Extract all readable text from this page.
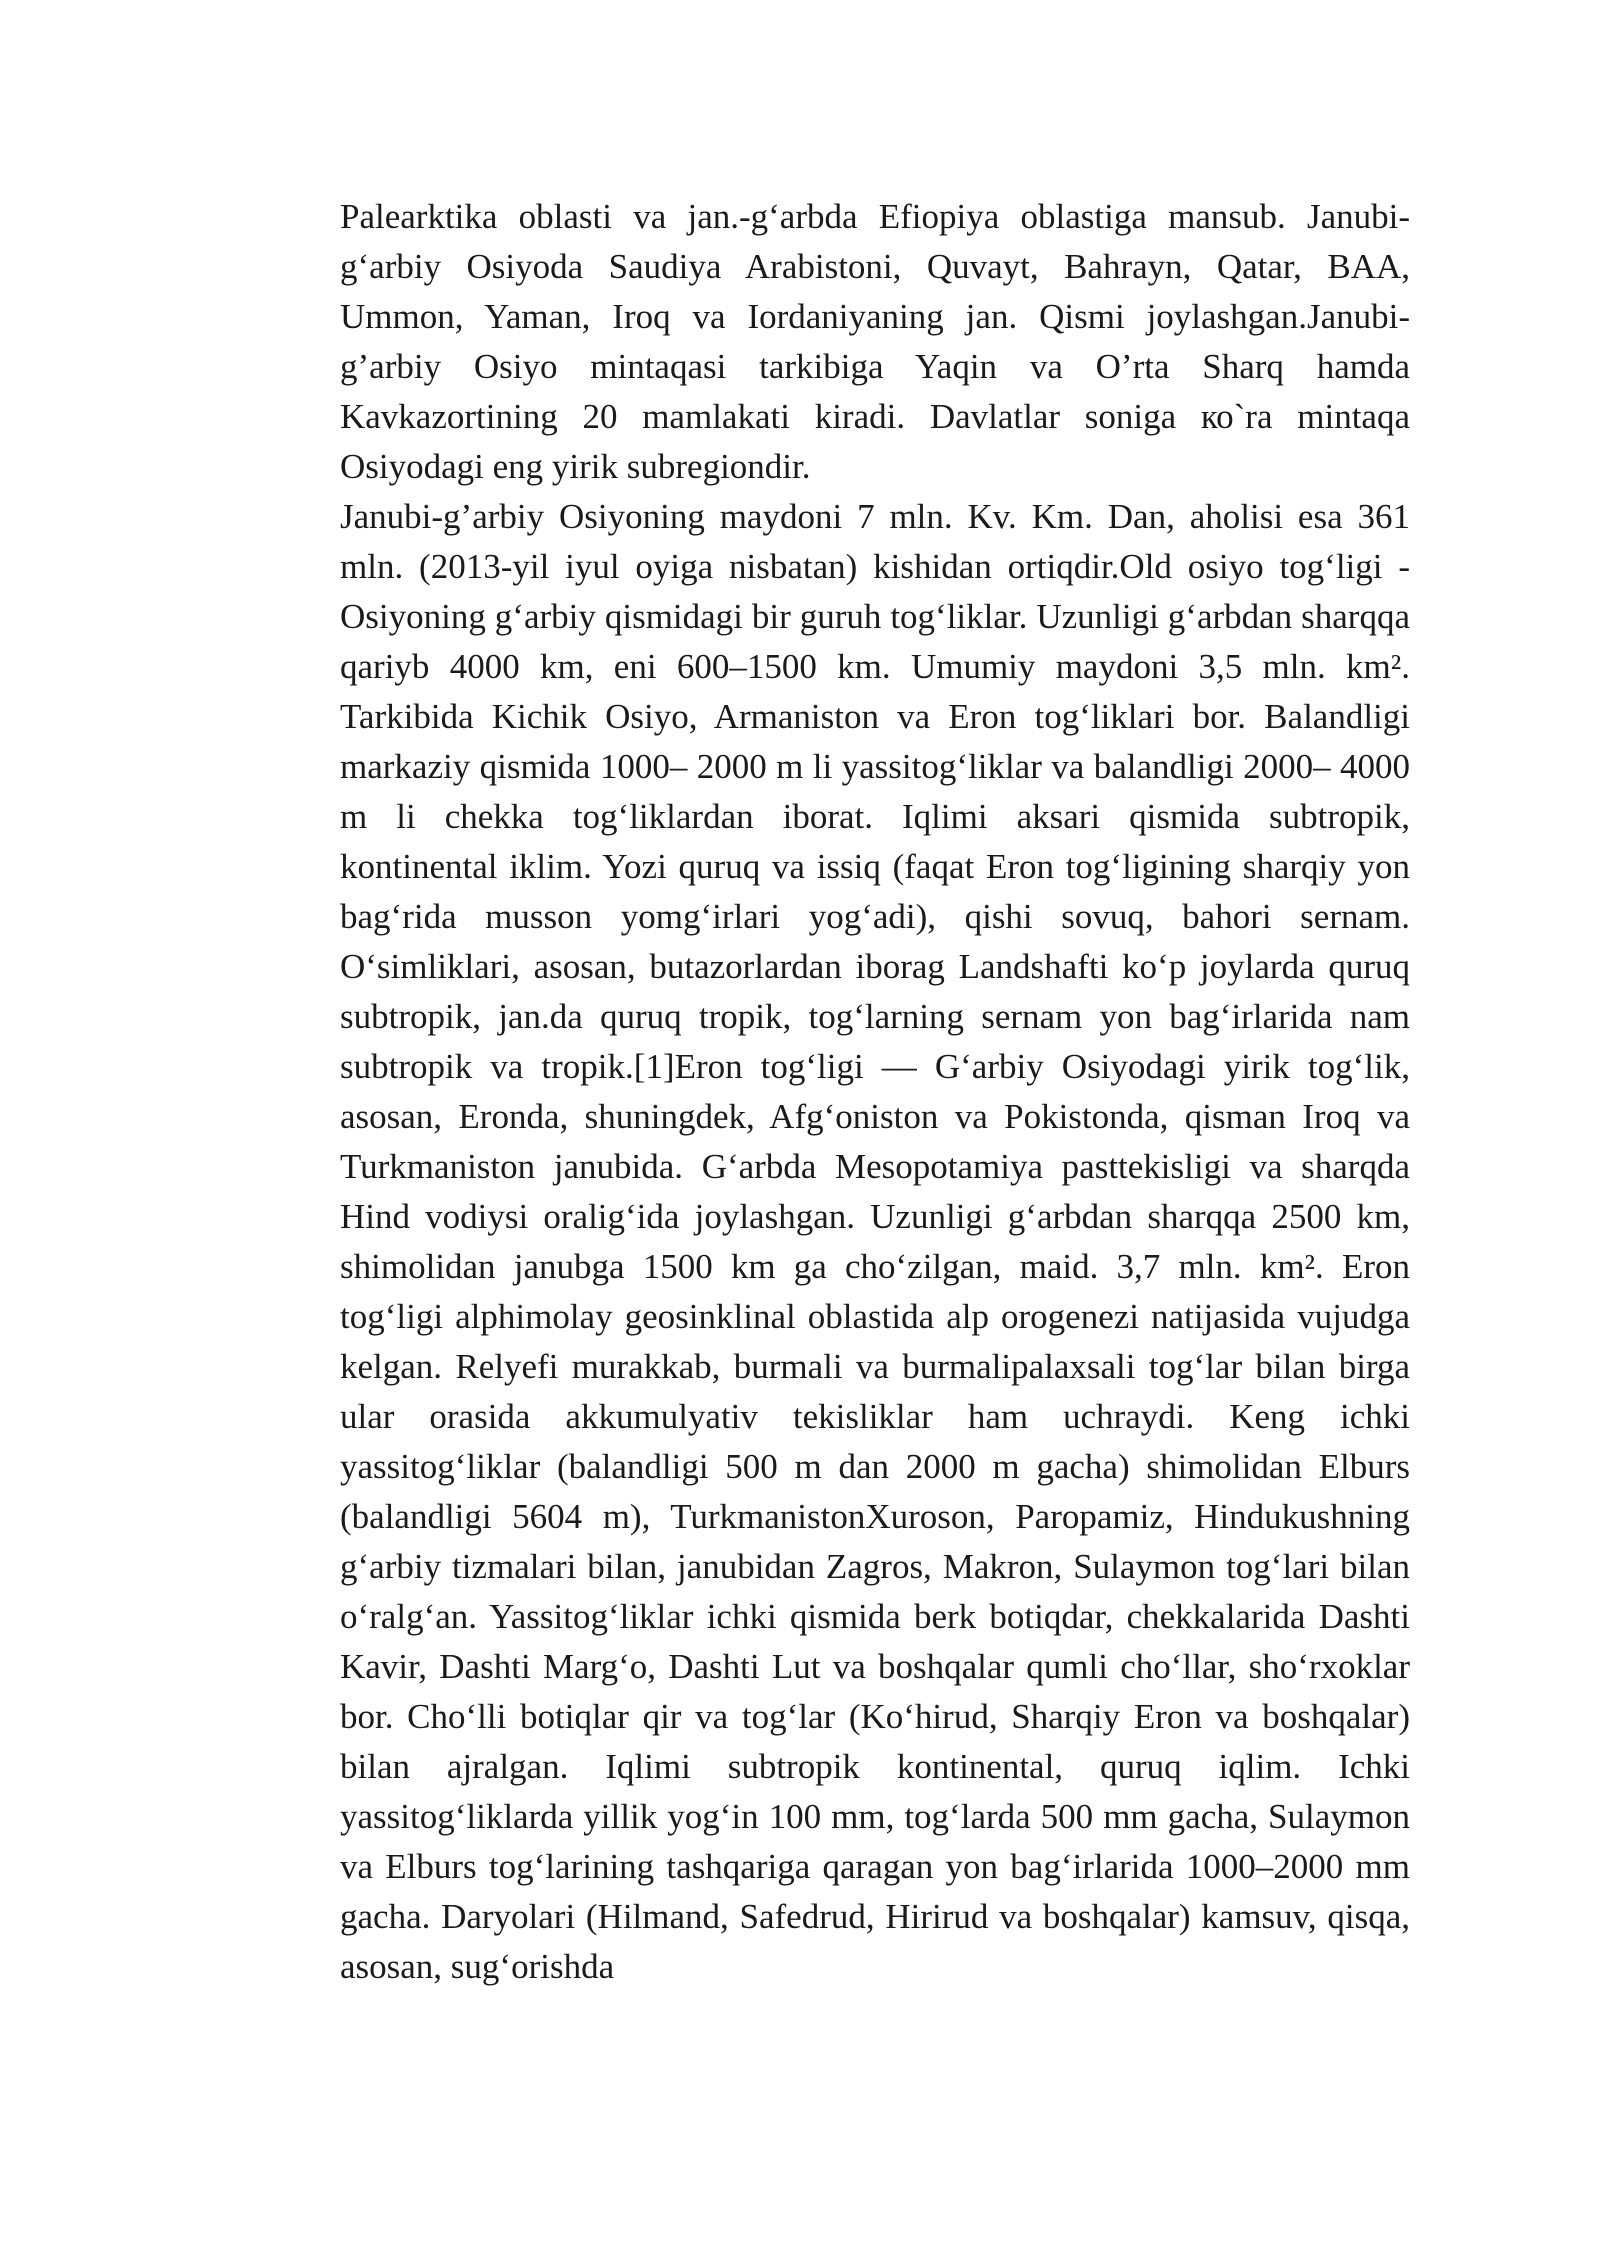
Palearktika oblasti va jan.-g‘arbda Efiopiya oblastiga mansub. Janubi-g‘arbiy Osiyoda Saudiya Arabistoni, Quvayt, Bahrayn, Qatar, BAA, Ummon, Yaman, Iroq va Iordaniyaning jan. Qismi joylashgan.Janubi-g’arbiy Osiyo mintaqasi tarkibiga Yaqin va O’rta Sharq hamda Kavkazortining 20 mamlakati kiradi. Davlatlar soniga ко`ra mintaqa Osiyodagi eng yirik subregiondir.

Janubi-g’arbiy Osiyoning maydoni 7 mln. Kv. Km. Dan, aholisi esa 361 mln. (2013-yil iyul oyiga nisbatan) kishidan ortiqdir.Old osiyo tog‘ligi - Osiyoning g‘arbiy qismidagi bir guruh tog‘liklar. Uzunligi g‘arbdan sharqqa qariyb 4000 km, eni 600–1500 km. Umumiy maydoni 3,5 mln. km². Tarkibida Kichik Osiyo, Armaniston va Eron tog‘liklari bor. Balandligi markaziy qismida 1000– 2000 m li yassitog‘liklar va balandligi 2000– 4000 m li chekka tog‘liklardan iborat. Iqlimi aksari qismida subtropik, kontinental iklim. Yozi quruq va issiq (faqat Eron tog‘ligining sharqiy yon bag‘rida musson yomg‘irlari yog‘adi), qishi sovuq, bahori sernam. O‘simliklari, asosan, butazorlardan iborag Landshafti ko‘p joylarda quruq subtropik, jan.da quruq tropik, tog‘larning sernam yon bag‘irlarida nam subtropik va tropik.[1]Eron tog‘ligi — G‘arbiy Osiyodagi yirik tog‘lik, asosan, Eronda, shuningdek, Afg‘oniston va Pokistonda, qisman Iroq va Turkmaniston janubida. G‘arbda Mesopotamiya pasttekisligi va sharqda Hind vodiysi oralig‘ida joylashgan. Uzunligi g‘arbdan sharqqa 2500 km, shimolidan janubga 1500 km ga cho‘zilgan, maid. 3,7 mln. km². Eron tog‘ligi alphimolay geosinklinal oblastida alp orogenezi natijasida vujudga kelgan. Relyefi murakkab, burmali va burmalipalaxsali tog‘lar bilan birga ular orasida akkumulyativ tekisliklar ham uchraydi. Keng ichki yassitog‘liklar (balandligi 500 m dan 2000 m gacha) shimolidan Elburs (balandligi 5604 m), TurkmanistonXuroson, Paropamiz, Hindukushning g‘arbiy tizmalari bilan, janubidan Zagros, Makron, Sulaymon tog‘lari bilan o‘ralg‘an. Yassitog‘liklar ichki qismida berk botiqdar, chekkalarida Dashti Kavir, Dashti Marg‘o, Dashti Lut va boshqalar qumli cho‘llar, sho‘rxoklar bor. Cho‘lli botiqlar qir va tog‘lar (Ko‘hirud, Sharqiy Eron va boshqalar) bilan ajralgan. Iqlimi subtropik kontinental, quruq iqlim. Ichki yassitog‘liklarda yillik yog‘in 100 mm, tog‘larda 500 mm gacha, Sulaymon va Elburs tog‘larining tashqariga qaragan yon bag‘irlarida 1000–2000 mm gacha. Daryolari (Hilmand, Safedrud, Hirirud va boshqalar) kamsuv, qisqa, asosan, sug‘orishda
